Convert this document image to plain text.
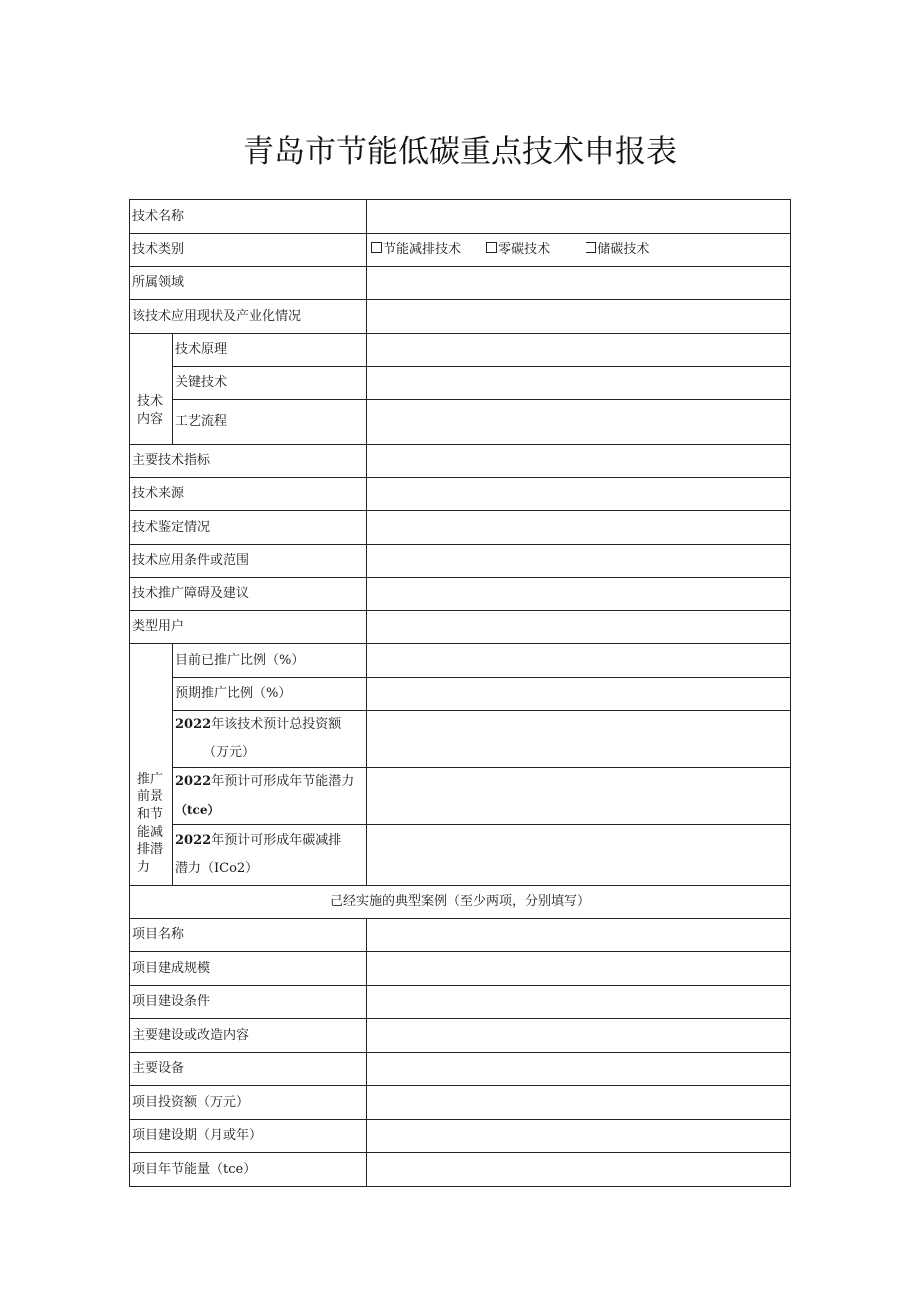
青岛市节能低碳重点技术申报表
技术名称		
技术类别		节能减排技术 零碳技术 储碳技术
所属领域		
该技术应用现状及产业化情况		
技术内容	技术原理	
	关键技术	
	工艺流程	
主要技术指标		
技术来源		
技术鉴定情况		
技术应用条件或范围		
技术推广障碍及建议		
类型用户		
推广前景和节能减排潜力	目前已推广比例（%）	
	预期推广比例（%）	

	2022年该技术预计总投资额
（万元）	

	2022年预计可形成年节能潜力
（tce）	

	2022年预计可形成年碳减排
潜力（ICo2）	

己经实施的典型案例（至少两项，分别填写）		
项目名称		
项目建成规模		
项目建设条件		
主要建设或改造内容		
主要设备		
项目投资额（万元）		
项目建设期（月或年）		
项目年节能量（tce）		
